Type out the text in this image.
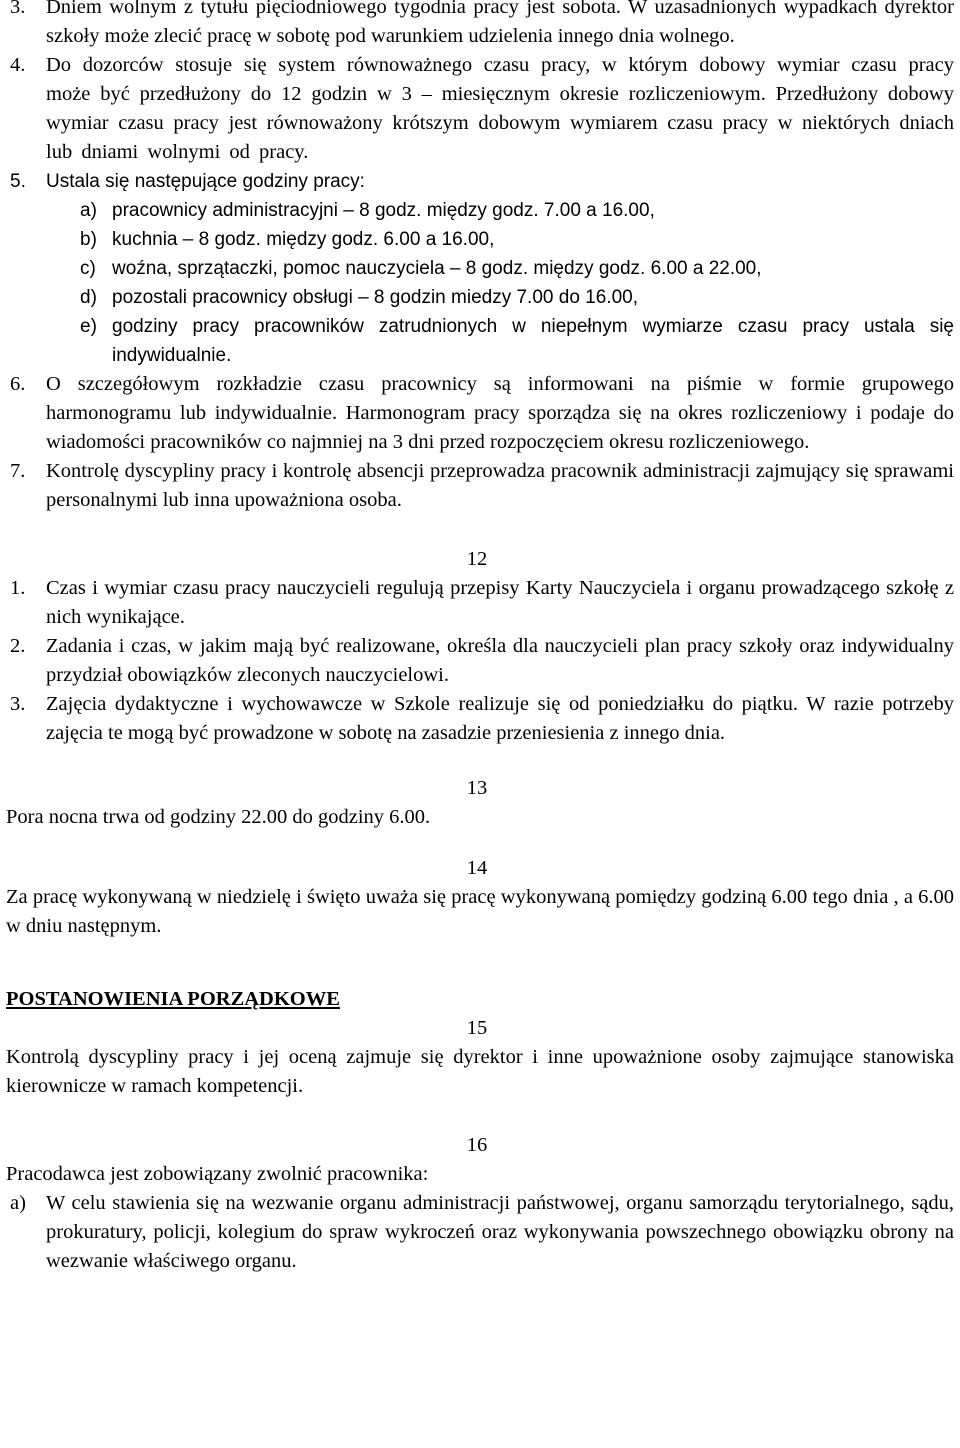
3.	Dniem wolnym z tytułu pięciodniowego tygodnia pracy jest sobota. W uzasadnionych wypadkach dyrektor szkoły może zlecić pracę w sobotę pod warunkiem udzielenia innego dnia wolnego.
4.	Do dozorców stosuje się system równoważnego czasu pracy, w którym dobowy wymiar czasu pracy może być przedłużony do 12 godzin w 3 – miesięcznym okresie rozliczeniowym. Przedłużony dobowy wymiar czasu pracy jest równoważony krótszym dobowym wymiarem czasu pracy w niektórych dniach lub dniami wolnymi od pracy.
5.	Ustala się następujące godziny pracy:
a) pracownicy administracyjni – 8 godz. między godz. 7.00 a 16.00,
b) kuchnia – 8 godz. między godz. 6.00 a 16.00,
c) woźna, sprzątaczki, pomoc nauczyciela – 8 godz. między godz. 6.00 a 22.00,
d) pozostali pracownicy obsługi – 8 godzin miedzy 7.00 do 16.00,
e) godziny pracy pracowników zatrudnionych w niepełnym wymiarze czasu pracy ustala się indywidualnie.
6.	O szczegółowym rozkładzie czasu pracownicy są informowani na piśmie w formie grupowego harmonogramu lub indywidualnie. Harmonogram pracy sporządza się na okres rozliczeniowy i podaje do wiadomości pracowników co najmniej na 3 dni przed rozpoczęciem okresu rozliczeniowego.
7.	Kontrolę dyscypliny pracy i kontrolę absencji przeprowadza pracownik administracji zajmujący się sprawami personalnymi lub inna upoważniona osoba.
12
1.	Czas i wymiar czasu pracy nauczycieli regulują przepisy Karty Nauczyciela i organu prowadzącego szkołę z nich wynikające.
2.	Zadania i czas, w jakim mają być realizowane, określa dla nauczycieli plan pracy szkoły oraz indywidualny przydział obowiązków zleconych nauczycielowi.
3.	Zajęcia dydaktyczne i wychowawcze w Szkole realizuje się od poniedziałku do piątku. W razie potrzeby zajęcia te mogą być prowadzone w sobotę na zasadzie przeniesienia z innego dnia.
13
Pora nocna trwa od godziny 22.00 do godziny 6.00.
14
Za pracę wykonywaną w niedzielę i święto uważa się pracę wykonywaną pomiędzy godziną 6.00 tego dnia , a 6.00 w dniu następnym.
POSTANOWIENIA PORZĄDKOWE
15
Kontrolą dyscypliny pracy i jej oceną zajmuje się dyrektor i inne upoważnione osoby zajmujące stanowiska kierownicze w ramach kompetencji.
16
Pracodawca jest zobowiązany zwolnić pracownika:
a) W celu stawienia się na wezwanie organu administracji państwowej, organu samorządu terytorialnego, sądu, prokuratury, policji, kolegium do spraw wykroczeń oraz wykonywania powszechnego obowiązku obrony na wezwanie właściwego organu.
